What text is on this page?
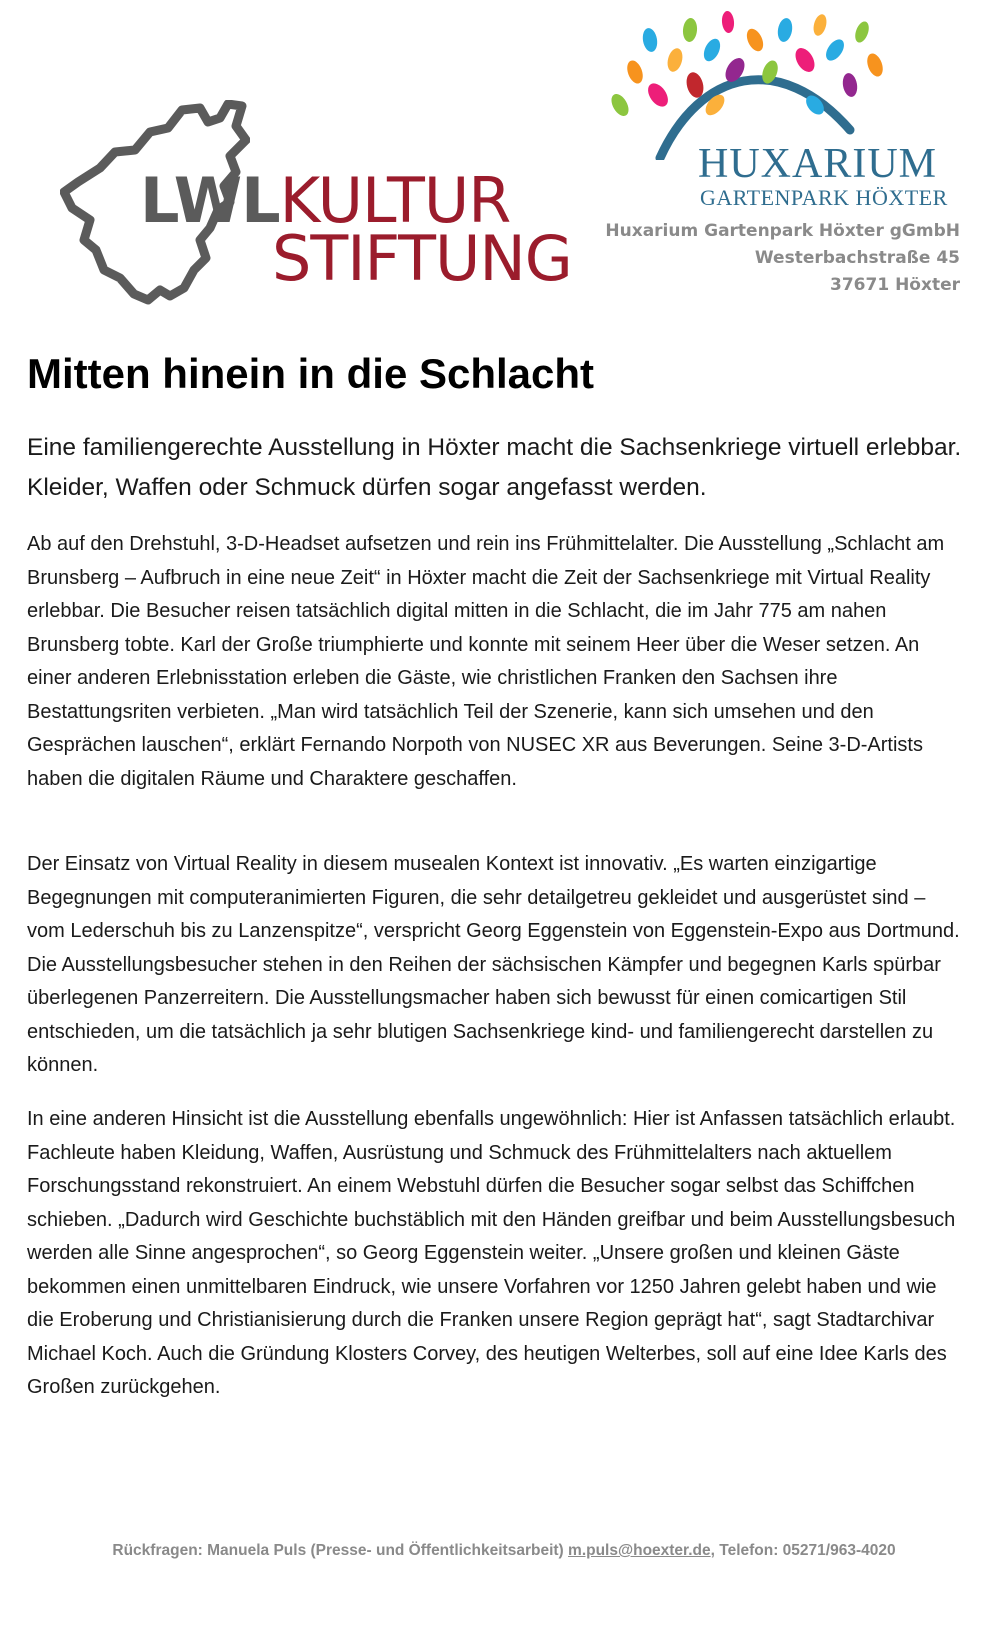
LWLKULTUR
STIFTUNG
HUXARIUM
GARTENPARK HÖXTER
Huxarium Gartenpark Höxter gGmbH
Westerbachstraße 45
37671 Höxter
Mitten hinein in die Schlacht

Eine familiengerechte Ausstellung in Höxter macht die Sachsenkriege virtuell erlebbar. Kleider, Waffen oder Schmuck dürfen sogar angefasst werden.

Ab auf den Drehstuhl, 3-D-Headset aufsetzen und rein ins Frühmittelalter. Die Ausstellung „Schlacht am Brunsberg – Aufbruch in eine neue Zeit“ in Höxter macht die Zeit der Sachsenkriege mit Virtual Reality erlebbar. Die Besucher reisen tatsächlich digital mitten in die Schlacht, die im Jahr 775 am nahen Brunsberg tobte. Karl der Große triumphierte und konnte mit seinem Heer über die Weser setzen. An einer anderen Erlebnisstation erleben die Gäste, wie christlichen Franken den Sachsen ihre Bestattungsriten verbieten. „Man wird tatsächlich Teil der Szenerie, kann sich umsehen und den Gesprächen lauschen“, erklärt Fernando Norpoth von NUSEC XR aus Beverungen. Seine 3-D-Artists haben die digitalen Räume und Charaktere geschaffen.

Der Einsatz von Virtual Reality in diesem musealen Kontext ist innovativ. „Es warten einzigartige Begegnungen mit computeranimierten Figuren, die sehr detailgetreu gekleidet und ausgerüstet sind – vom Lederschuh bis zu Lanzenspitze“, verspricht Georg Eggenstein von Eggenstein-Expo aus Dortmund. Die Ausstellungsbesucher stehen in den Reihen der sächsischen Kämpfer und begegnen Karls spürbar überlegenen Panzerreitern. Die Ausstellungsmacher haben sich bewusst für einen comicartigen Stil entschieden, um die tatsächlich ja sehr blutigen Sachsenkriege kind- und familiengerecht darstellen zu können.

In eine anderen Hinsicht ist die Ausstellung ebenfalls ungewöhnlich: Hier ist Anfassen tatsächlich erlaubt. Fachleute haben Kleidung, Waffen, Ausrüstung und Schmuck des Frühmittelalters nach aktuellem Forschungsstand rekonstruiert. An einem Webstuhl dürfen die Besucher sogar selbst das Schiffchen schieben. „Dadurch wird Geschichte buchstäblich mit den Händen greifbar und beim Ausstellungsbesuch werden alle Sinne angesprochen“, so Georg Eggenstein weiter. „Unsere großen und kleinen Gäste bekommen einen unmittelbaren Eindruck, wie unsere Vorfahren vor 1250 Jahren gelebt haben und wie die Eroberung und Christianisierung durch die Franken unsere Region geprägt hat“, sagt Stadtarchivar Michael Koch. Auch die Gründung Klosters Corvey, des heutigen Welterbes, soll auf eine Idee Karls des Großen zurückgehen.

Rückfragen: Manuela Puls (Presse- und Öffentlichkeitsarbeit) m.puls@hoexter.de, Telefon: 05271/963-4020
